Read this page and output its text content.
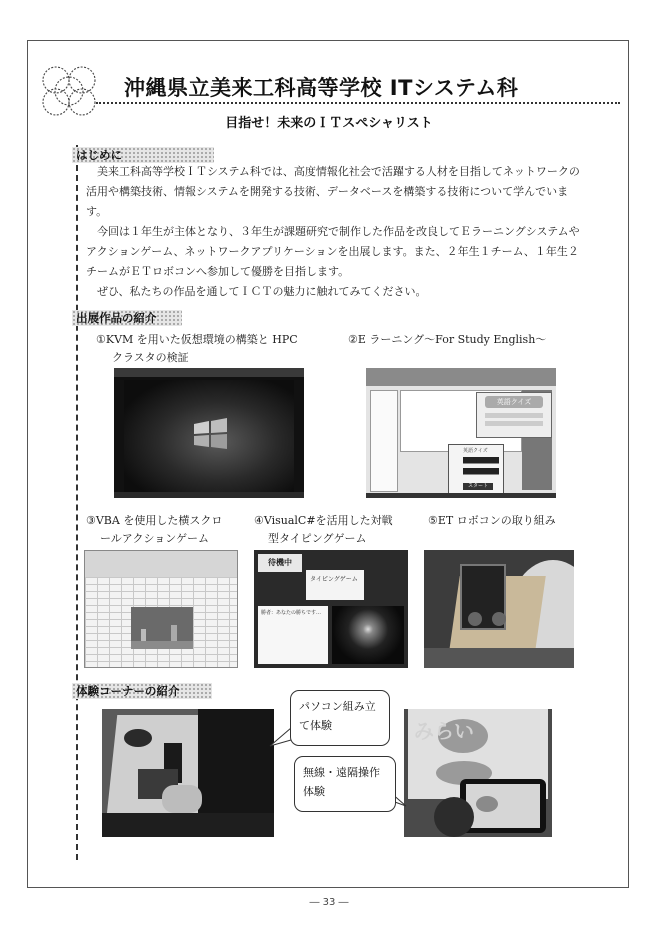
沖縄県立美来工科高等学校 ITシステム科
目指せ！未来のＩＴスペシャリスト
はじめに

美来工科高等学校ＩＴシステム科では、高度情報化社会で活躍する人材を目指してネットワークの活用や構築技術、情報システムを開発する技術、データベースを構築する技術について学んでいます。

今回は１年生が主体となり、３年生が課題研究で制作した作品を改良してＥラーニングシステムやアクションゲーム、ネットワークアプリケーションを出展します。また、２年生１チーム、１年生２チームがＥＴロボコンへ参加して優勝を目指します。

ぜひ、私たちの作品を通してＩＣＴの魅力に触れてみてください。

出展作品の紹介
①KVM を用いた仮想環境の構築と HPC
クラスタの検証
②E ラーニング～For Study English～
英語クイズ
英語クイズ
スタート
③VBA を使用した横スクロ
ールアクションゲーム
④VisualC#を活用した対戦
型タイピングゲーム
⑤ET ロボコンの取り組み
待機中
タイピングゲーム
勝者：あなたの勝ちです…
体験コーナーの紹介
みらい
パソコン組み立て体験
無線・遠隔操作体験
― 33 ―
